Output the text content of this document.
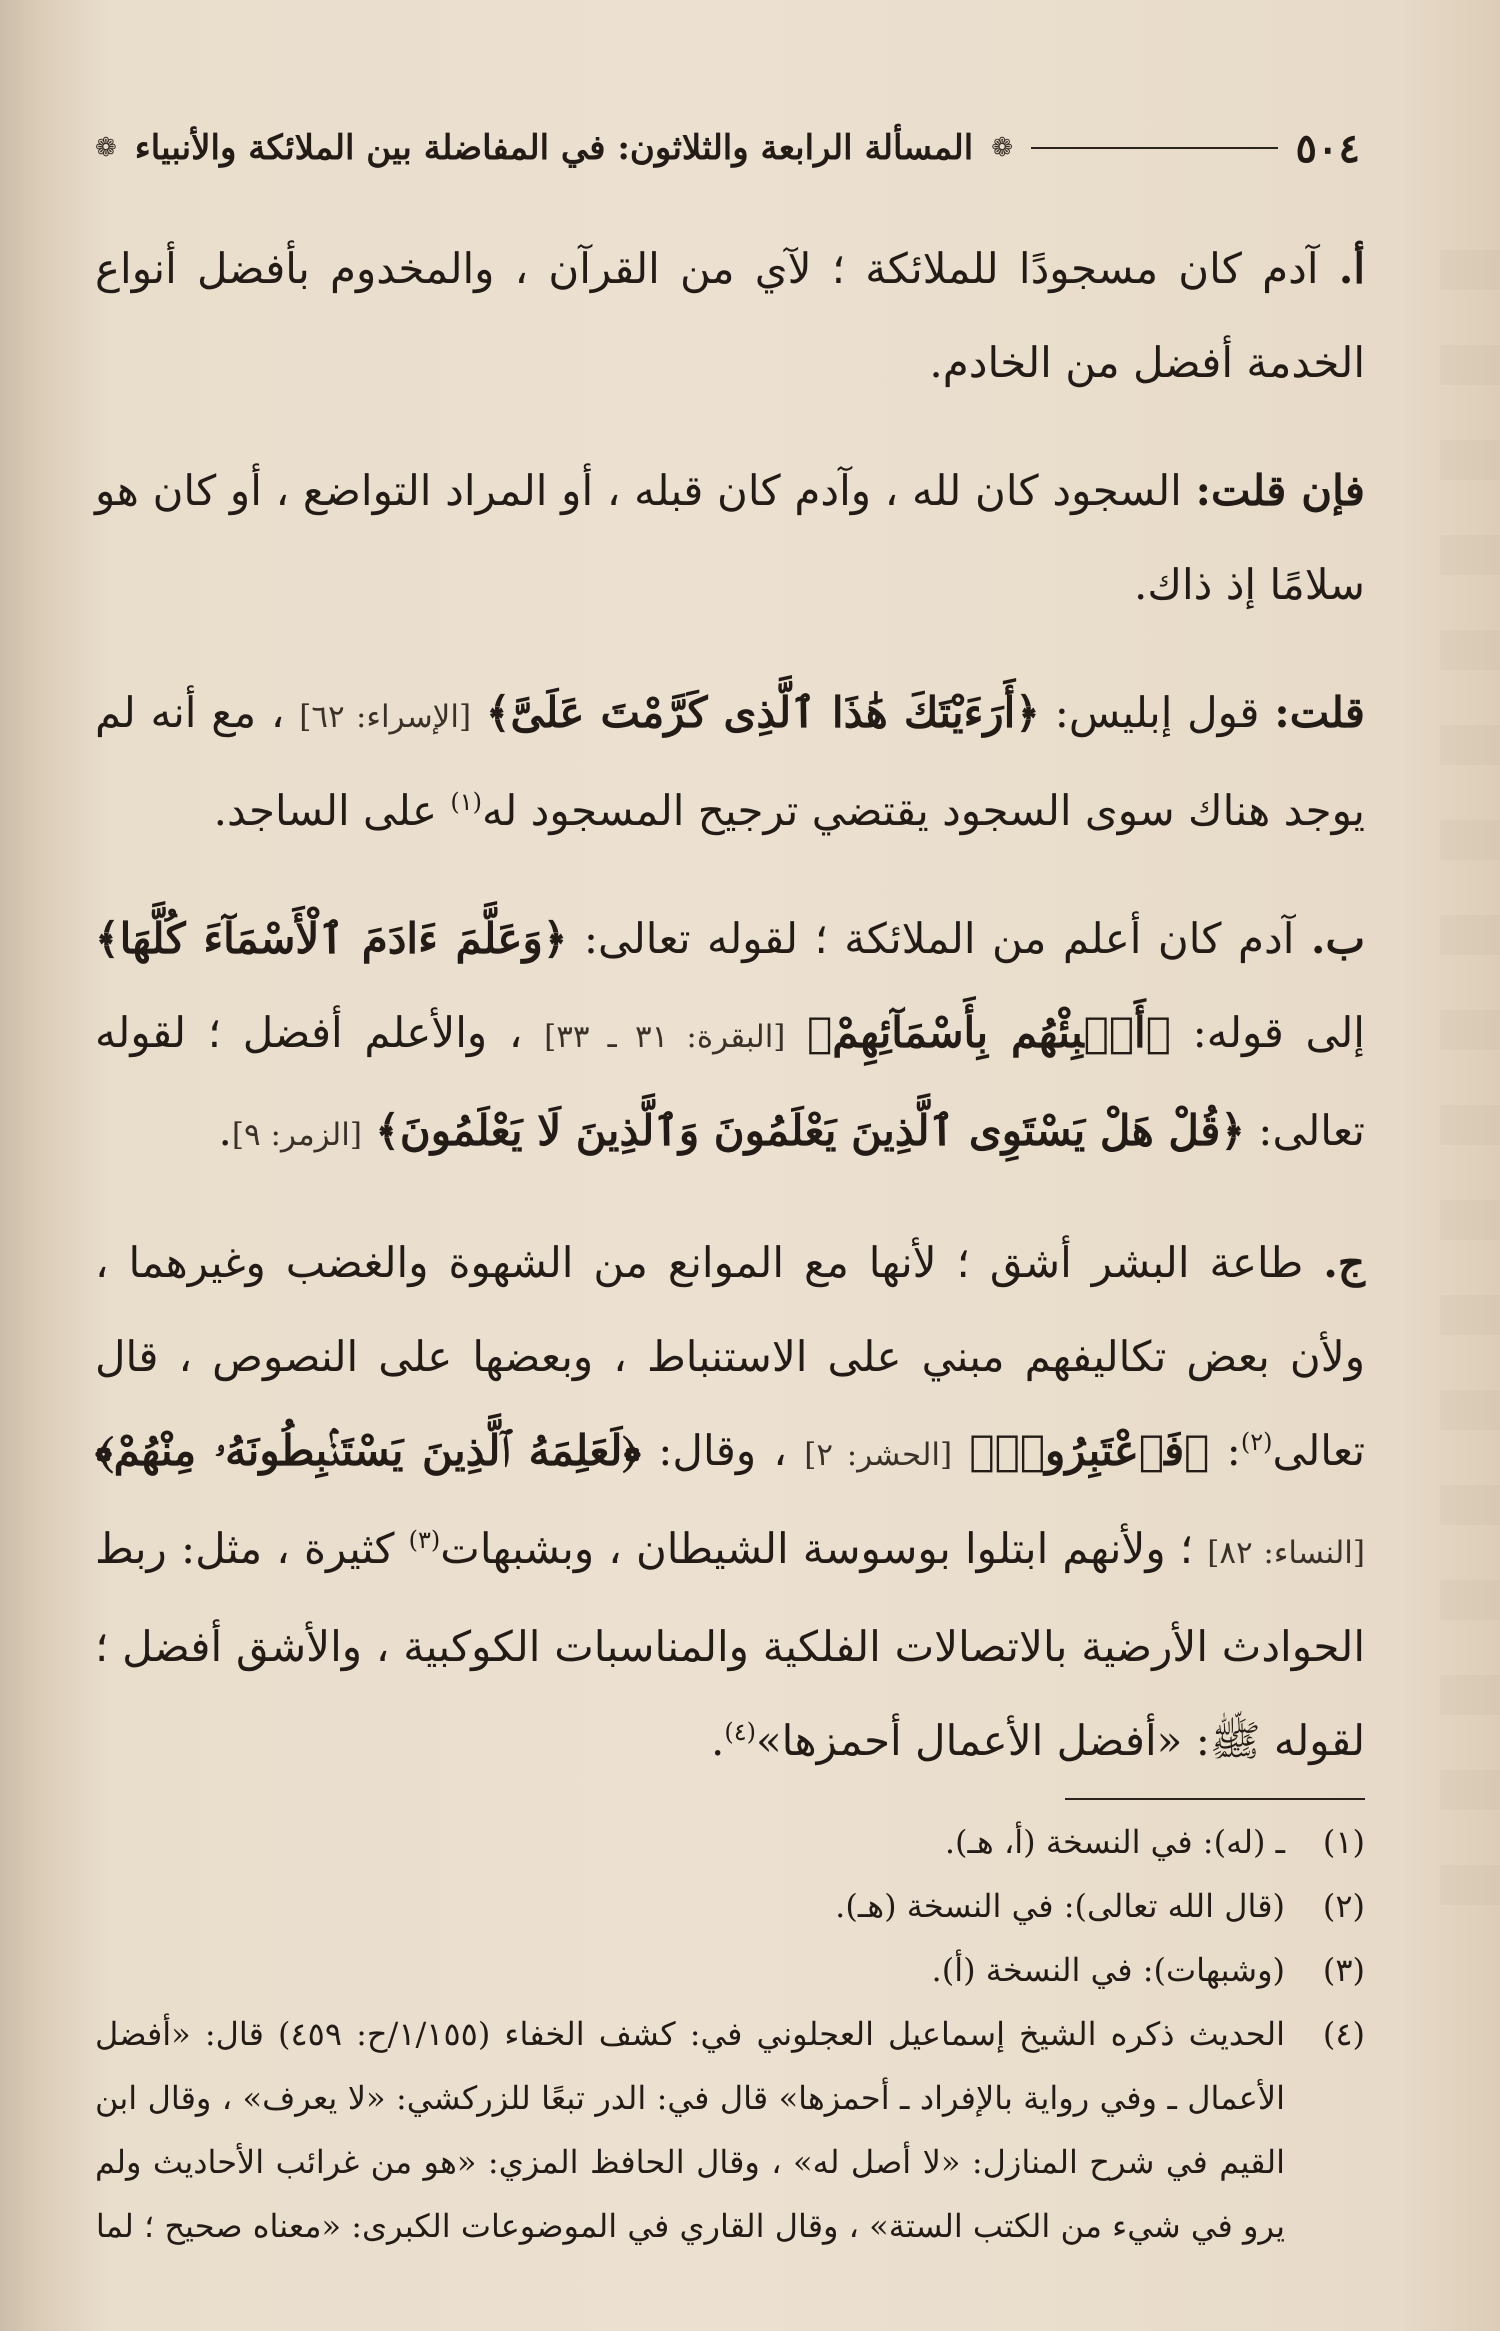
٥٠٤
❁
المسألة الرابعة والثلاثون: في المفاضلة بين الملائكة والأنبياء
❁

أ. آدم كان مسجودًا للملائكة ؛ لآي من القرآن ، والمخدوم بأفضل أنواع الخدمة أفضل من الخادم.

فإن قلت: السجود كان لله ، وآدم كان قبله ، أو المراد التواضع ، أو كان هو سلامًا إذ ذاك.

قلت: قول إبليس: ﴿أَرَءَيْتَكَ هَٰذَا ٱلَّذِى كَرَّمْتَ عَلَىَّ﴾ [الإسراء: ٦٢] ، مع أنه لم يوجد هناك سوى السجود يقتضي ترجيح المسجود له$^{(١)}$ على الساجد.

ب. آدم كان أعلم من الملائكة ؛ لقوله تعالى: ﴿وَعَلَّمَ ءَادَمَ ٱلْأَسْمَآءَ كُلَّهَا﴾ إلى قوله: ﴿أَنۢبِئْهُم بِأَسْمَآئِهِمْ﴾ [البقرة: ٣١ ـ ٣٣] ، والأعلم أفضل ؛ لقوله تعالى: ﴿قُلْ هَلْ يَسْتَوِى ٱلَّذِينَ يَعْلَمُونَ وَٱلَّذِينَ لَا يَعْلَمُونَ﴾ [الزمر: ٩].

ج. طاعة البشر أشق ؛ لأنها مع الموانع من الشهوة والغضب وغيرهما ، ولأن بعض تكاليفهم مبني على الاستنباط ، وبعضها على النصوص ، قال تعالى$^{(٢)}$: ﴿فَٱعْتَبِرُوا۟﴾ [الحشر: ٢] ، وقال: ﴿لَعَلِمَهُ ٱلَّذِينَ يَسْتَنۢبِطُونَهُۥ مِنْهُمْ﴾ [النساء: ٨٢] ؛ ولأنهم ابتلوا بوسوسة الشيطان ، وبشبهات$^{(٣)}$ كثيرة ، مثل: ربط الحوادث الأرضية بالاتصالات الفلكية والمناسبات الكوكبية ، والأشق أفضل ؛ لقوله ﷺ: «أفضل الأعمال أحمزها»$^{(٤)}$.

(١)
ـ (له): في النسخة (أ، هـ).
(٢)
(قال الله تعالى): في النسخة (هـ).
(٣)
(وشبهات): في النسخة (أ).
(٤)
الحديث ذكره الشيخ إسماعيل العجلوني في: كشف الخفاء (١/١٥٥/ح: ٤٥٩) قال: «أفضل الأعمال ـ وفي رواية بالإفراد ـ أحمزها» قال في: الدر تبعًا للزركشي: «لا يعرف» ، وقال ابن القيم في شرح المنازل: «لا أصل له» ، وقال الحافظ المزي: «هو من غرائب الأحاديث ولم يرو في شيء من الكتب الستة» ، وقال القاري في الموضوعات الكبرى: «معناه صحيح ؛ لما
